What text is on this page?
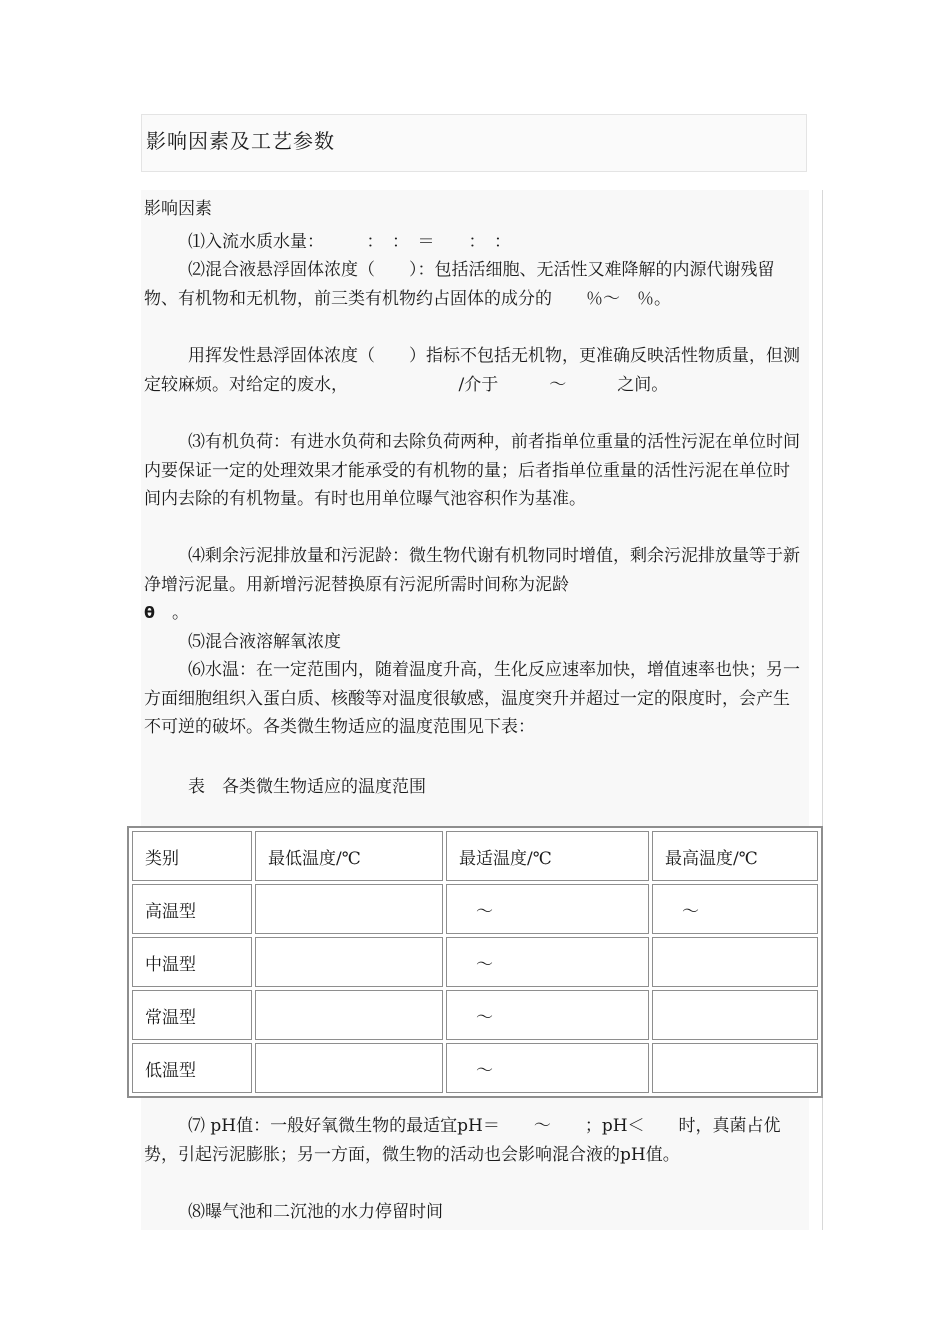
影响因素及工艺参数
影响因素

⑴入流水质水量：　　　：　：　＝　　：　：

⑵混合液悬浮固体浓度（　　）：包括活细胞、无活性又难降解的内源代谢残留物、有机物和无机物，前三类有机物约占固体的成分的　　％～　％。

用挥发性悬浮固体浓度（　　）指标不包括无机物，更准确反映活性物质量，但测定较麻烦。对给定的废水，　　　　　　　/介于　　　～　　　之间。

⑶有机负荷：有进水负荷和去除负荷两种，前者指单位重量的活性污泥在单位时间内要保证一定的处理效果才能承受的有机物的量；后者指单位重量的活性污泥在单位时间内去除的有机物量。有时也用单位曝气池容积作为基准。

⑷剩余污泥排放量和污泥龄：微生物代谢有机物同时增值，剩余污泥排放量等于新净增污泥量。用新增污泥替换原有污泥所需时间称为泥龄
θ　。

⑸混合液溶解氧浓度

⑹水温：在一定范围内，随着温度升高，生化反应速率加快，增值速率也快；另一方面细胞组织入蛋白质、核酸等对温度很敏感，温度突升并超过一定的限度时，会产生不可逆的破坏。各类微生物适应的温度范围见下表：

表　各类微生物适应的温度范围
类别	最低温度/℃	最适温度/℃	最高温度/℃
高温型		　～	　～
中温型		　～	
常温型		　～	
低温型		　～	

⑺ pH值：一般好氧微生物的最适宜pH＝　　～　　；pH＜　　时，真菌占优势，引起污泥膨胀；另一方面，微生物的活动也会影响混合液的pH值。

⑻曝气池和二沉池的水力停留时间
